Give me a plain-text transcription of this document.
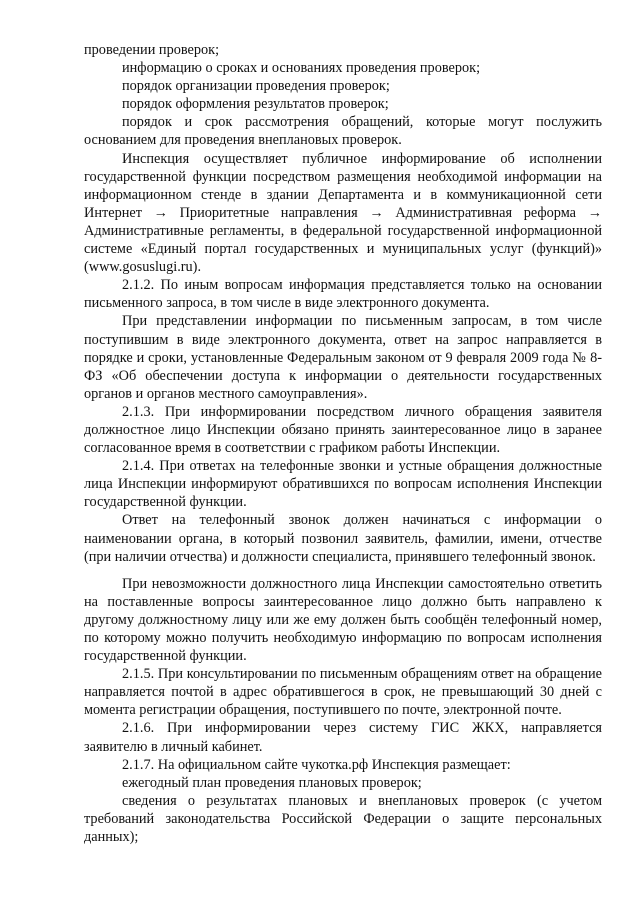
проведении проверок;

информацию о сроках и основаниях проведения проверок;

порядок организации проведения проверок;

порядок оформления результатов проверок;

порядок и срок рассмотрения обращений, которые могут послужить основанием для проведения внеплановых проверок.

Инспекция осуществляет публичное информирование об исполнении государственной функции посредством размещения необходимой информации на информационном стенде в здании Департамента и в коммуникационной сети Интернет → Приоритетные направления → Административная реформа → Административные регламенты, в федеральной государственной информационной системе «Единый портал государственных и муниципальных услуг (функций)» (www.gosuslugi.ru).

2.1.2. По иным вопросам информация представляется только на основании письменного запроса, в том числе в виде электронного документа.

При представлении информации по письменным запросам, в том числе поступившим в виде электронного документа, ответ на запрос направляется в порядке и сроки, установленные Федеральным законом от 9 февраля 2009 года № 8-ФЗ «Об обеспечении доступа к информации о деятельности государственных органов и органов местного самоуправления».

2.1.3. При информировании посредством личного обращения заявителя должностное лицо Инспекции обязано принять заинтересованное лицо в заранее согласованное время в соответствии с графиком работы Инспекции.

2.1.4. При ответах на телефонные звонки и устные обращения должностные лица Инспекции информируют обратившихся по вопросам исполнения Инспекции государственной функции.

Ответ на телефонный звонок должен начинаться с информации о наименовании органа, в который позвонил заявитель, фамилии, имени, отчестве (при наличии отчества) и должности специалиста, принявшего телефонный звонок.

При невозможности должностного лица Инспекции самостоятельно ответить на поставленные вопросы заинтересованное лицо должно быть направлено к другому должностному лицу или же ему должен быть сообщён телефонный номер, по которому можно получить необходимую информацию по вопросам исполнения государственной функции.

2.1.5. При консультировании по письменным обращениям ответ на обращение направляется почтой в адрес обратившегося в срок, не превышающий 30 дней с момента регистрации обращения, поступившего по почте, электронной почте.

2.1.6. При информировании через систему ГИС ЖКХ, направляется заявителю в личный кабинет.

2.1.7. На официальном сайте чукотка.рф Инспекция размещает:

ежегодный план проведения плановых проверок;

сведения о результатах плановых и внеплановых проверок (с учетом требований законодательства Российской Федерации о защите персональных данных);
